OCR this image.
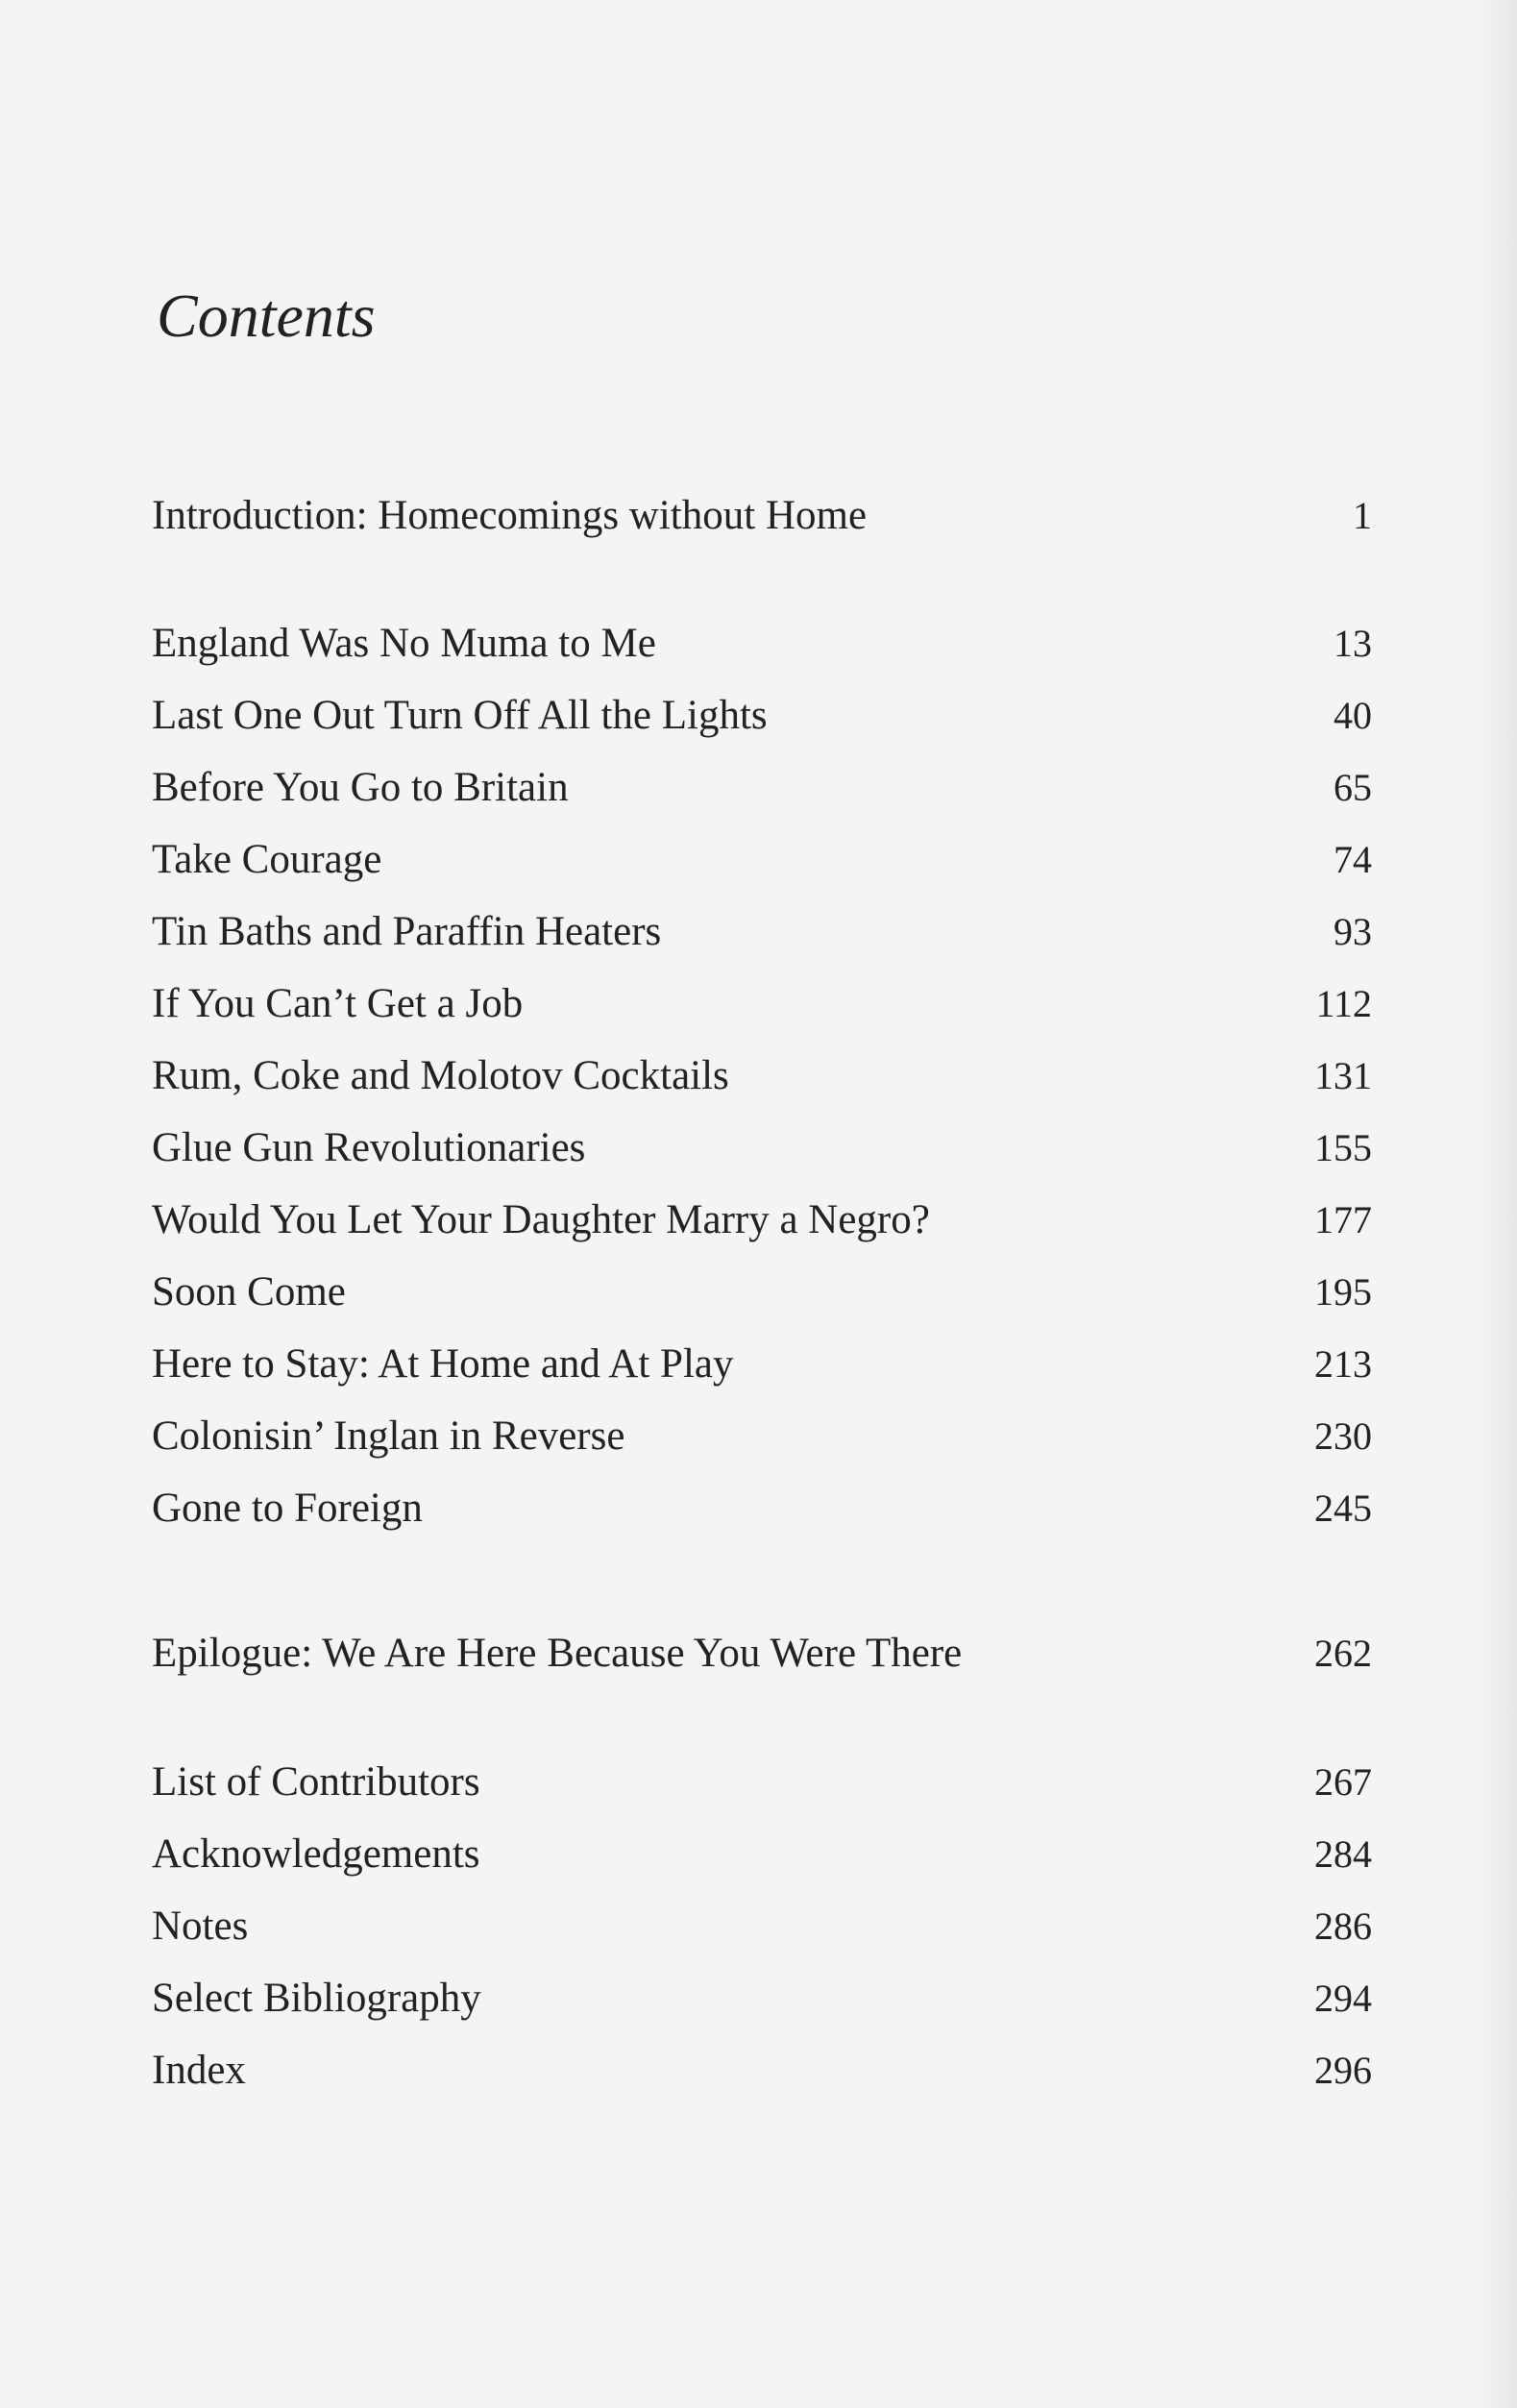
Contents
Introduction: Homecomings without Home	1
England Was No Muma to Me	13
Last One Out Turn Off All the Lights	40
Before You Go to Britain	65
Take Courage	74
Tin Baths and Paraffin Heaters	93
If You Can’t Get a Job	112
Rum, Coke and Molotov Cocktails	131
Glue Gun Revolutionaries	155
Would You Let Your Daughter Marry a Negro?	177
Soon Come	195
Here to Stay: At Home and At Play	213
Colonisin’ Inglan in Reverse	230
Gone to Foreign	245
Epilogue: We Are Here Because You Were There	262
List of Contributors	267
Acknowledgements	284
Notes	286
Select Bibliography	294
Index	296
